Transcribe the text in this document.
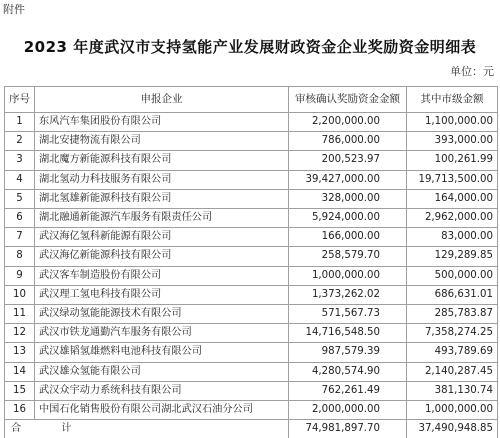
附件
2023 年度武汉市支持氢能产业发展财政资金企业奖励资金明细表
单位：元
序号	申报企业	审核确认奖励资金金额	其中市级金额
1	东风汽车集团股份有限公司	2,200,000.00	1,100,000.00
2	湖北安捷物流有限公司	786,000.00	393,000.00
3	湖北魔方新能源科技有限公司	200,523.97	100,261.99
4	湖北氢动力科技服务有限公司	39,427,000.00	19,713,500.00
5	湖北氢雄新能源科技有限公司	328,000.00	164,000.00
6	湖北融通新能源汽车服务有限责任公司	5,924,000.00	2,962,000.00
7	武汉海亿氢科新能源有限公司	166,000.00	83,000.00
8	武汉海亿新能源科技有限公司	258,579.70	129,289.85
9	武汉客车制造股份有限公司	1,000,000.00	500,000.00
10	武汉理工氢电科技有限公司	1,373,262.02	686,631.01
11	武汉绿动氢能能源技术有限公司	571,567.73	285,783.87
12	武汉市铁龙通勤汽车服务有限公司	14,716,548.50	7,358,274.25
13	武汉雄韬氢雄燃料电池科技有限公司	987,579.39	493,789.69
14	武汉雄众氢能有限公司	4,280,574.90	2,140,287.45
15	武汉众宇动力系统科技有限公司	762,261.49	381,130.74
16	中国石化销售股份有限公司湖北武汉石油分公司	2,000,000.00	1,000,000.00
合 计		74,981,897.70	37,490,948.85
